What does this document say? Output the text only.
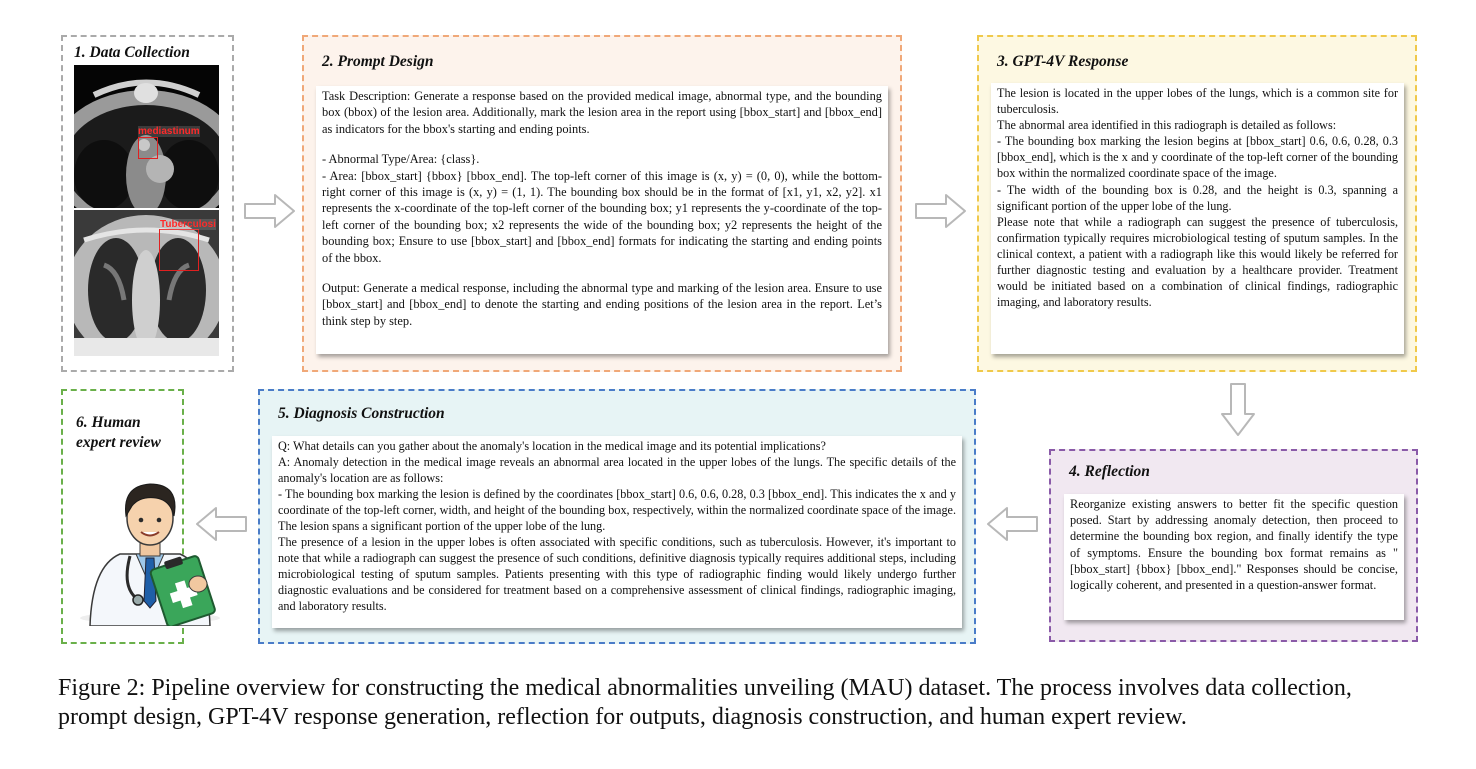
1. Data Collection
mediastinum
Tuberculosi
2. Prompt Design

Task Description: Generate a response based on the provided medical image, abnormal type, and the bounding box (bbox) of the lesion area. Additionally, mark the lesion area in the report using [bbox_start] and [bbox_end] as indicators for the bbox's starting and ending points.

- Abnormal Type/Area: {class}.

- Area: [bbox_start] {bbox} [bbox_end]. The top-left corner of this image is (x, y) = (0, 0), while the bottom-right corner of this image is (x, y) = (1, 1). The bounding box should be in the format of [x1, y1, x2, y2]. x1 represents the x-coordinate of the top-left corner of the bounding box; y1 represents the y-coordinate of the top-left corner of the bounding box; x2 represents the wide of the bounding box; y2 represents the height of the bounding box; Ensure to use [bbox_start] and [bbox_end] formats for indicating the starting and ending points of the bbox.

Output: Generate a medical response, including the abnormal type and marking of the lesion area. Ensure to use [bbox_start] and [bbox_end] to denote the starting and ending positions of the lesion area in the report. Let’s think step by step.

3. GPT-4V Response

The lesion is located in the upper lobes of the lungs, which is a common site for tuberculosis.

The abnormal area identified in this radiograph is detailed as follows:

- The bounding box marking the lesion begins at [bbox_start] 0.6, 0.6, 0.28, 0.3 [bbox_end], which is the x and y coordinate of the top-left corner of the bounding box within the normalized coordinate space of the image.

- The width of the bounding box is 0.28, and the height is 0.3, spanning a significant portion of the upper lobe of the lung.

Please note that while a radiograph can suggest the presence of tuberculosis, confirmation typically requires microbiological testing of sputum samples. In the clinical context, a patient with a radiograph like this would likely be referred for further diagnostic testing and evaluation by a healthcare provider. Treatment would be initiated based on a combination of clinical findings, radiographic imaging, and laboratory results.

4. Reflection

Reorganize existing answers to better fit the specific question posed. Start by addressing anomaly detection, then proceed to determine the bounding box region, and finally identify the type of symptoms. Ensure the bounding box format remains as "[bbox_start] {bbox} [bbox_end]." Responses should be concise, logically coherent, and presented in a question-answer format.

5. Diagnosis Construction

Q: What details can you gather about the anomaly's location in the medical image and its potential implications?

A: Anomaly detection in the medical image reveals an abnormal area located in the upper lobes of the lungs. The specific details of the anomaly's location are as follows:

- The bounding box marking the lesion is defined by the coordinates [bbox_start] 0.6, 0.6, 0.28, 0.3 [bbox_end]. This indicates the x and y coordinate of the top-left corner, width, and height of the bounding box, respectively, within the normalized coordinate space of the image. The lesion spans a significant portion of the upper lobe of the lung.

The presence of a lesion in the upper lobes is often associated with specific conditions, such as tuberculosis. However, it's important to note that while a radiograph can suggest the presence of such conditions, definitive diagnosis typically requires additional steps, including microbiological testing of sputum samples. Patients presenting with this type of radiographic finding would likely undergo further diagnostic evaluations and be considered for treatment based on a comprehensive assessment of clinical findings, radiographic imaging, and laboratory results.

6. Human
expert review
Figure 2: Pipeline overview for constructing the medical abnormalities unveiling (MAU) dataset. The process involves data collection, prompt design, GPT-4V response generation, reflection for outputs, diagnosis construction, and human expert review.
